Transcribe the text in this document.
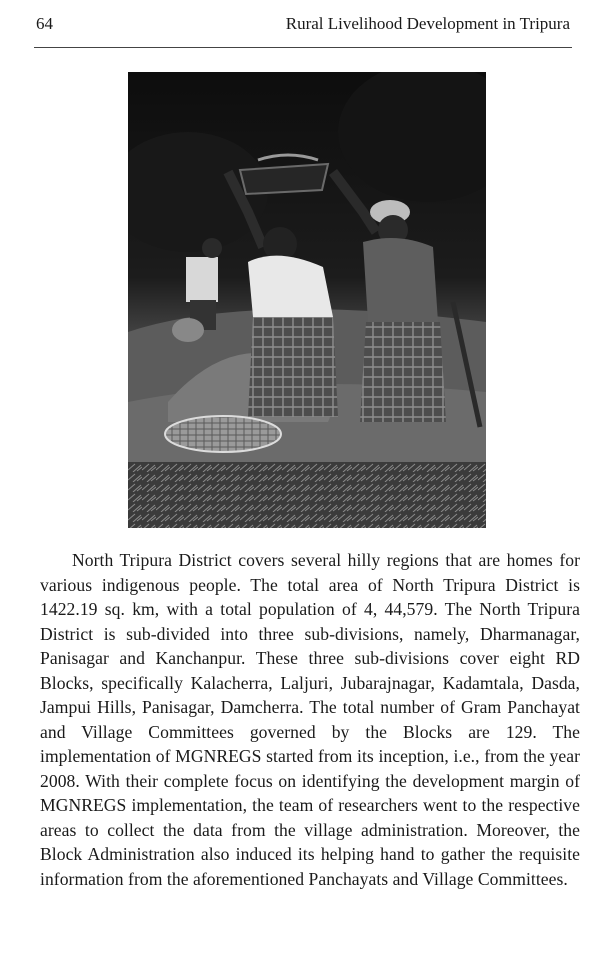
64	Rural Livelihood Development in Tripura

North Tripura District covers several hilly regions that are homes for various indigenous people. The total area of North Tripura District is 1422.19 sq. km, with a total population of 4, 44,579. The North Tripura District is sub-divided into three sub-divisions, namely, Dharmanagar, Panisagar and Kanchanpur. These three sub-divisions cover eight RD Blocks, specifically Kalacherra, Laljuri, Jubarajnagar, Kadamtala, Dasda, Jampui Hills, Panisagar, Damcherra. The total number of Gram Panchayat and Village Committees governed by the Blocks are 129. The implementation of MGNREGS started from its inception, i.e., from the year 2008. With their complete focus on identifying the development margin of MGNREGS implementation, the team of researchers went to the respective areas to collect the data from the village administration. Moreover, the Block Administration also induced its helping hand to gather the requisite information from the aforementioned Panchayats and Village Committees.
